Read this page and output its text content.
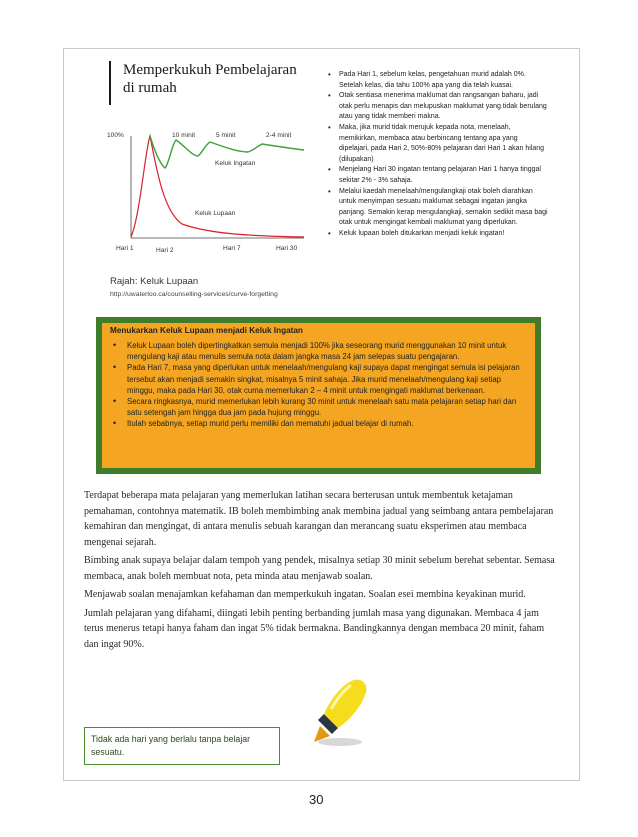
Memperkukuh Pembelajaran
di rumah
100%	10 minit	5 minit	2-4 minit
Keluk Ingatan
Keluk Lupaan
Hari 1	Hari 2	Hari 7	Hari 30
Rajah: Keluk Lupaan
http://uwaterloo.ca/counselling-services/curve-forgetting
• Pada Hari 1, sebelum kelas, pengetahuan murid adalah 0%. Setelah kelas, dia tahu 100% apa yang dia telah kuasai.
• Otak sentiasa menerima maklumat dan rangsangan baharu, jadi otak perlu menapis dan melupuskan maklumat yang tidak berulang atau yang tidak memberi makna.
• Maka, jika murid tidak merujuk kepada nota, menelaah, memikirkan, membaca atau berbincang tentang apa yang dipelajari, pada Hari 2, 50%-80% pelajaran dari Hari 1 akan hilang (dilupakan)
• Menjelang Hari 30 ingatan tentang pelajaran Hari 1 hanya tinggal sekitar 2% - 3% sahaja.
• Melalui kaedah menelaah/mengulangkaji otak boleh diarahkan untuk menyimpan sesuatu maklumat sebagai ingatan jangka panjang. Semakin kerap mengulangkaji, semakin sedikit masa bagi otak untuk mengingat kembali maklumat yang diperlukan.
• Keluk lupaan boleh ditukarkan menjadi keluk ingatan!
Menukarkan Keluk Lupaan menjadi Keluk Ingatan
• Keluk Lupaan boleh dipertingkatkan semula menjadi 100% jika seseorang murid menggunakan 10 minit untuk mengulang kaji atau menulis semula nota dalam jangka masa 24 jam selepas suatu pengajaran.
• Pada Hari 7, masa yang diperlukan untuk menelaah/mengulang kaji supaya dapat mengingat semula isi pelajaran tersebut akan menjadi semakin singkat, misalnya 5 minit sahaja. Jika murid menelaah/mengulang kaji setiap minggu, maka pada Hari 30, otak cuma memerlukan 2 – 4 minit untuk mengingati maklumat berkenaan.
• Secara ringkasnya, murid memerlukan lebih kurang 30 minit untuk menelaah satu mata pelajaran setiap hari dan satu setengah jam hingga dua jam pada hujung minggu.
• Itulah sebabnya, setiap murid perlu memiliki dan mematuhi jadual belajar di rumah.

Terdapat beberapa mata pelajaran yang memerlukan latihan secara berterusan untuk membentuk ketajaman pemahaman, contohnya matematik. IB boleh membimbing anak membina jadual yang seimbang antara pembelajaran kemahiran dan mengingat, di antara menulis sebuah karangan dan merancang suatu eksperimen atau membaca mengenai sejarah.

Bimbing anak supaya belajar dalam tempoh yang pendek, misalnya setiap 30 minit sebelum berehat sebentar. Semasa membaca, anak boleh membuat nota, peta minda atau menjawab soalan.

Menjawab soalan menajamkan kefahaman dan memperkukuh ingatan. Soalan esei membina keyakinan murid.

Jumlah pelajaran yang difahami, diingati lebih penting berbanding jumlah masa yang digunakan. Membaca 4 jam terus menerus tetapi hanya faham dan ingat 5% tidak bermakna. Bandingkannya dengan membaca 20 minit, faham dan ingat 90%.

Tidak ada hari yang berlalu tanpa belajar sesuatu.
30
